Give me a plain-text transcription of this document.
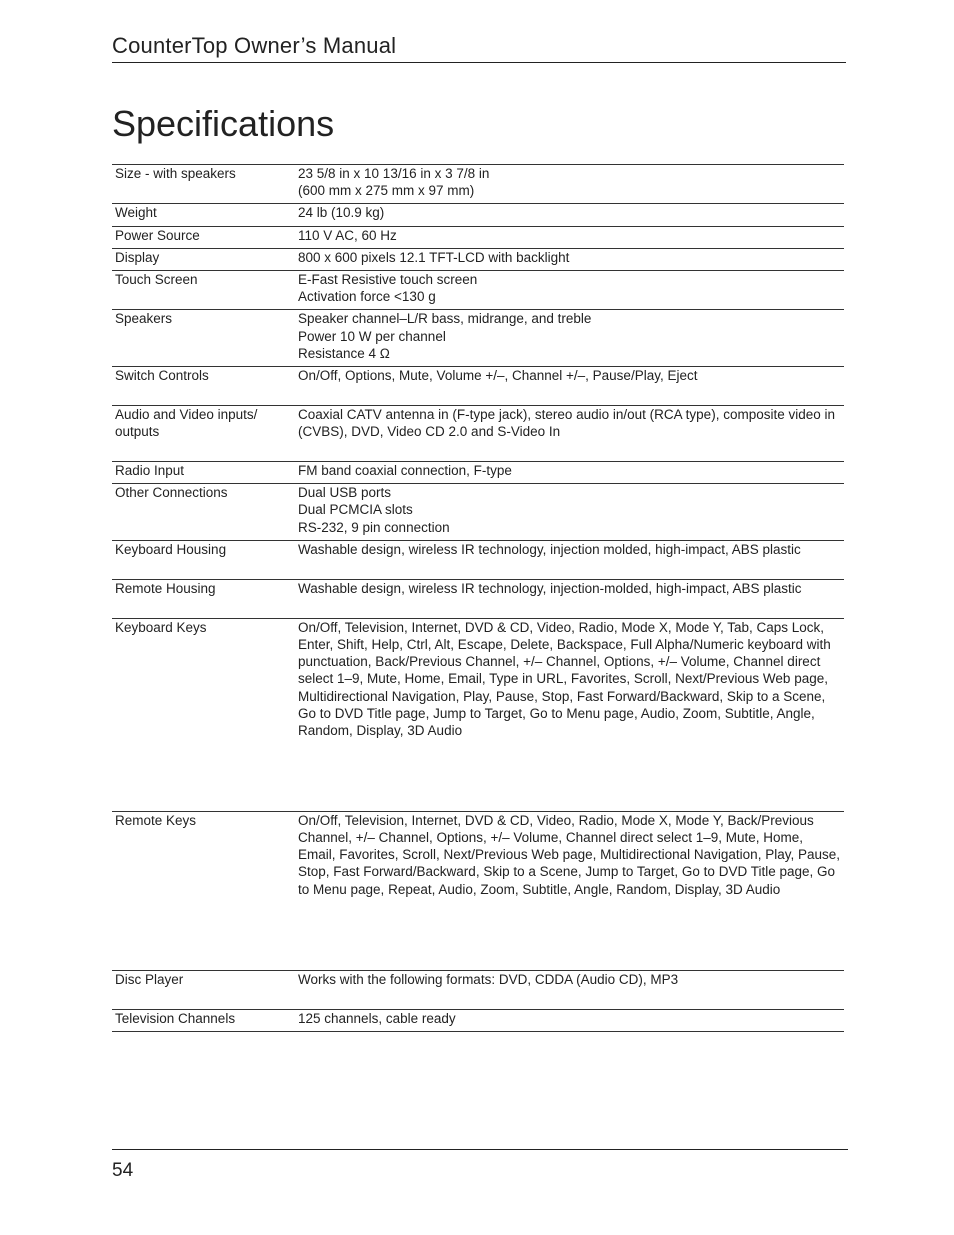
CounterTop Owner’s Manual
Specifications
Size - with speakers	23 5/8 in x 10 13/16 in x 3 7/8 in
(600 mm x 275 mm x 97 mm)
Weight	24 lb (10.9 kg)
Power Source	110 V AC, 60 Hz
Display	800 x 600 pixels 12.1 TFT-LCD with backlight
Touch Screen	E-Fast Resistive touch screen
Activation force <130 g
Speakers	Speaker channel–L/R bass, midrange, and treble
Power 10 W per channel
Resistance 4 Ω
Switch Controls	On/Off, Options, Mute, Volume +/–, Channel +/–, Pause/Play, Eject
Audio and Video inputs/ outputs	Coaxial CATV antenna in (F-type jack), stereo audio in/out (RCA type), composite video in (CVBS), DVD, Video CD 2.0 and S-Video In
Radio Input	FM band coaxial connection, F-type
Other Connections	Dual USB ports
Dual PCMCIA slots
RS-232, 9 pin connection
Keyboard Housing	Washable design, wireless IR technology, injection molded, high-impact, ABS plastic
Remote Housing	Washable design, wireless IR technology, injection-molded, high-impact, ABS plastic
Keyboard Keys	On/Off, Television, Internet, DVD & CD, Video, Radio, Mode X, Mode Y, Tab, Caps Lock, Enter, Shift, Help, Ctrl, Alt, Escape, Delete, Backspace, Full Alpha/Numeric keyboard with punctuation, Back/Previous Channel, +/– Channel, Options, +/– Volume, Channel direct select 1–9, Mute, Home, Email, Type in URL, Favorites, Scroll, Next/Previous Web page, Multidirectional Navigation, Play, Pause, Stop, Fast Forward/Backward, Skip to a Scene, Go to DVD Title page, Jump to Target, Go to Menu page, Audio, Zoom, Subtitle, Angle, Random, Display, 3D Audio
Remote Keys	On/Off, Television, Internet, DVD & CD, Video, Radio, Mode X, Mode Y, Back/Previous Channel, +/– Channel, Options, +/– Volume, Channel direct select 1–9, Mute, Home, Email, Favorites, Scroll, Next/Previous Web page, Multidirectional Navigation, Play, Pause, Stop, Fast Forward/Backward, Skip to a Scene, Jump to Target, Go to DVD Title page, Go to Menu page, Repeat, Audio, Zoom, Subtitle, Angle, Random, Display, 3D Audio
Disc Player	Works with the following formats: DVD, CDDA (Audio CD), MP3
Television Channels	125 channels, cable ready
54
